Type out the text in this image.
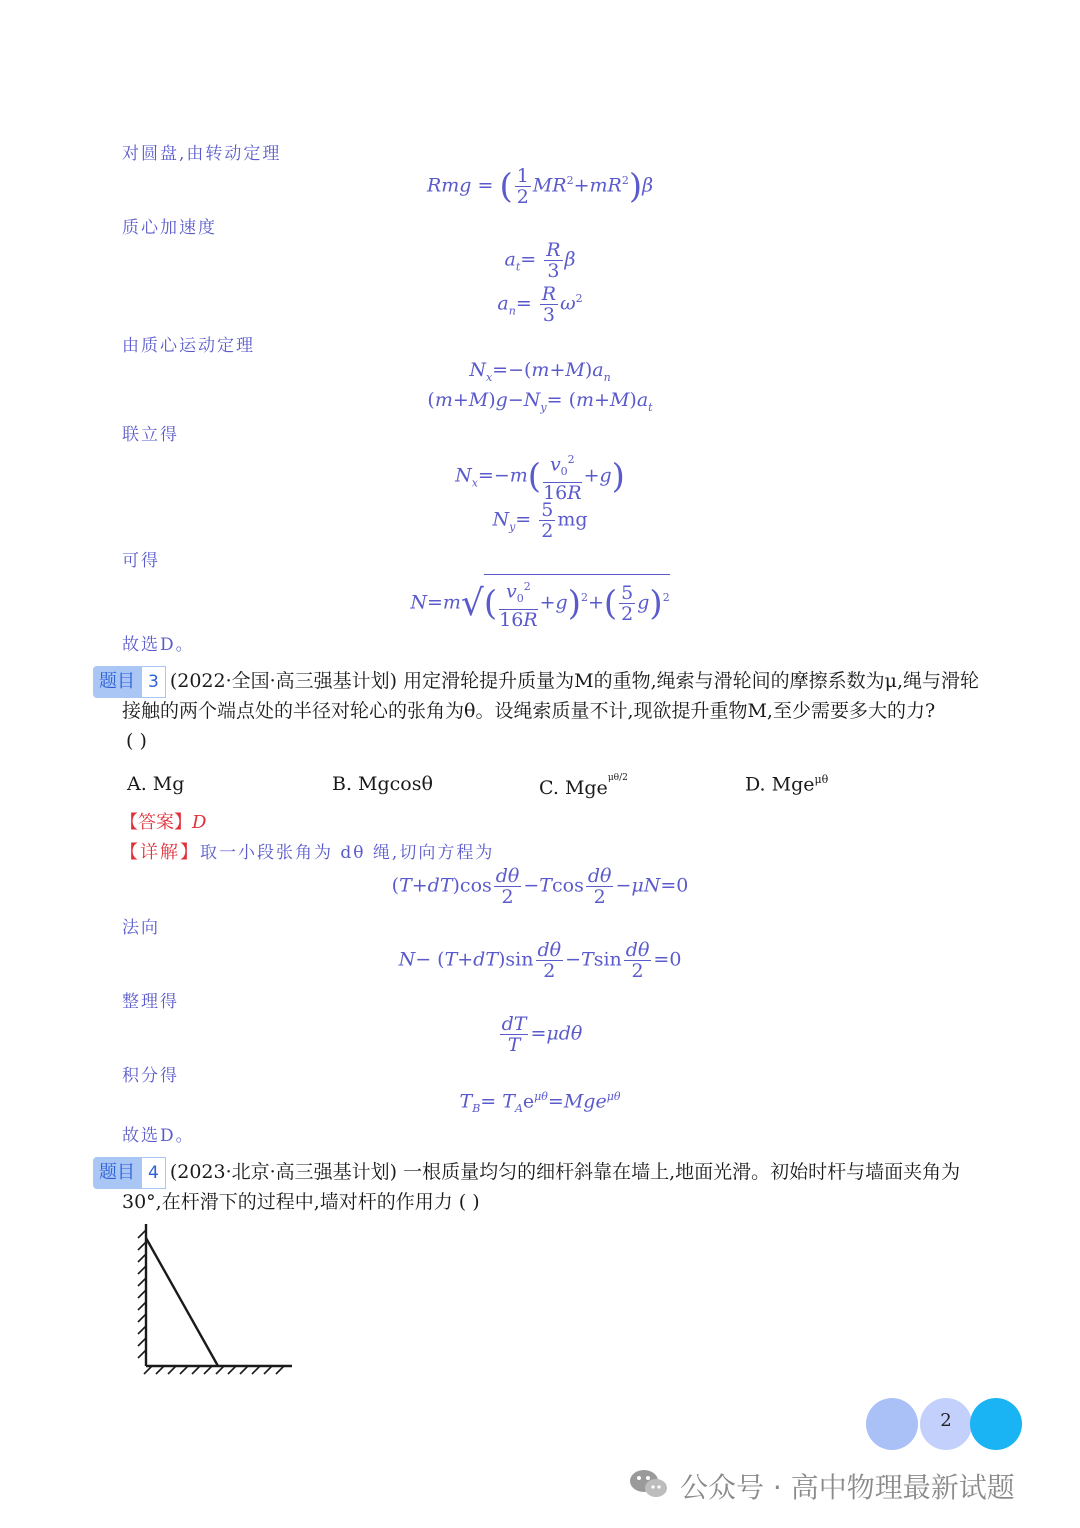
对圆盘,由转动定理
Rmg = ( $\frac{1}{2} MR^2+mR^2)\beta$
质心加速度
$a_t= \frac{R}{3}$ β
$a_n= \frac{R}{3} \omega^2$
由质心运动定理
$N_x=-(m+M)a_n$
$(m+M)g-N_y= (m+M)a_t$
联立得
$N_x=-m( \frac{v_0^2}{16R} +g)$
$N_y= \frac{5}{2}$ mg
可得
$N=m√( \frac{v_0^2}{16R} +g)^2+( \frac{5}{2} g)^2$
故选D。
题目 3 (2022·全国·高三强基计划) 用定滑轮提升质量为M的重物,绳索与滑轮间的摩擦系数为μ,绳与滑轮
接触的两个端点处的半径对轮心的张角为θ。设绳索质量不计,现欲提升重物M,至少需要多大的力?
( )
A. Mg	B. Mgcosθ	C. Mge$^{\mu\theta/2}$	D. Mge$^{\mu\theta}$
【答案】D
【详解】取一小段张角为 dθ 绳,切向方程为
$(T+dT)\cos \frac{d\theta}{2} -Tcos \frac{d\theta}{2} -\mu N=0$
法向
$N- (T+dT)\sin \frac{d\theta}{2} -Tsin \frac{d\theta}{2} =0$
整理得
$\frac{dT}{T} =\mu d\theta$
积分得
$T_B= T_Ae^{\mu\theta}=Mge^{\mu\theta}$
故选D。
题目 4 (2023·北京·高三强基计划) 一根质量均匀的细杆斜靠在墙上,地面光滑。初始时杆与墙面夹角为
30°,在杆滑下的过程中,墙对杆的作用力 ( )
2
公众号 · 高中物理最新试题
